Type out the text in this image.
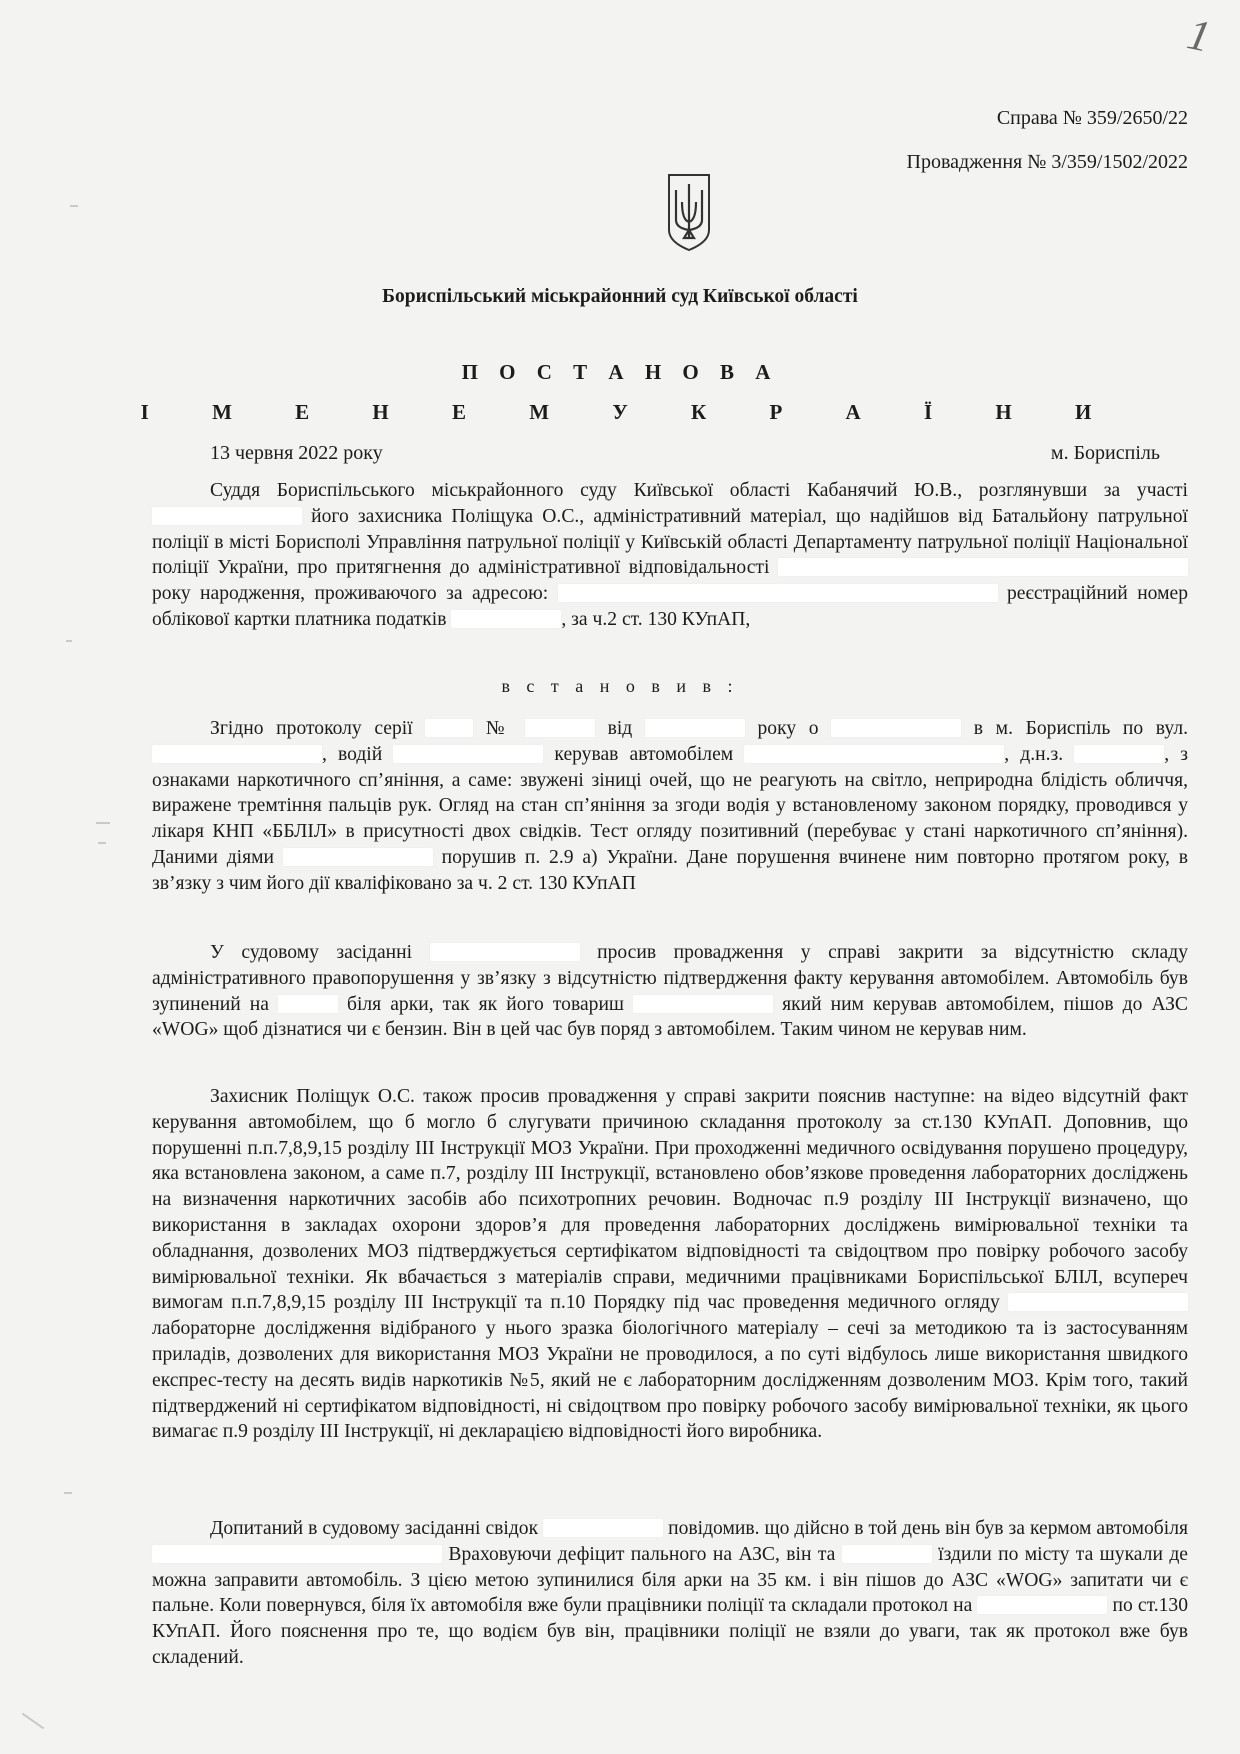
1
Справа № 359/2650/22
Провадження № 3/359/1502/2022
Бориспільський міськрайонний суд Київської області
П О С Т А Н О В А
І М Е Н Е М У К Р А Ї Н И
13 червня 2022 року	м. Бориспіль

Суддя Бориспільського міськрайонного суду Київської області Кабанячий Ю.В., розглянувши за участі  його захисника Поліщука О.С., адміністративний матеріал, що надійшов від Батальйону патрульної поліції в місті Борисполі Управління патрульної поліції у Київській області Департаменту патрульної поліції Національної поліції України, про притягнення до адміністративної відповідальності  року народження, проживаючого за адресою:	реєстраційний номер облікової картки платника податків	, за ч.2 ст. 130 КУпАП,

в с т а н о в и в :

Згідно протоколу серії  №	від	року о	в м. Бориспіль по вул. , водій	керував автомобілем	, д.н.з.	, з ознаками наркотичного сп’яніння, а саме: звужені зіниці очей, що не реагують на світло, неприродна блідість обличчя, виражене тремтіння пальців рук. Огляд на стан сп’яніння за згоди водія у встановленому законом порядку, проводився у лікаря КНП «ББЛІЛ» в присутності двох свідків. Тест огляду позитивний (перебуває у стані наркотичного сп’яніння). Даними діями	порушив п. 2.9 а) України. Дане порушення вчинене ним повторно протягом року, в зв’язку з чим його дії кваліфіковано за ч. 2 ст. 130 КУпАП

У судовому засіданні	просив провадження у справі закрити за відсутністю складу адміністративного правопорушення у зв’язку з відсутністю підтвердження факту керування автомобілем. Автомобіль був зупинений на	біля арки, так як його товариш	який ним керував автомобілем, пішов до АЗС «WOG» щоб дізнатися чи є бензин. Він в цей час був поряд з автомобілем. Таким чином не керував ним.

Захисник Поліщук О.С. також просив провадження у справі закрити пояснив наступне: на відео відсутній факт керування автомобілем, що б могло б слугувати причиною складання протоколу за ст.130 КУпАП. Доповнив, що порушенні п.п.7,8,9,15 розділу ІІІ Інструкції МОЗ України. При проходженні медичного освідування порушено процедуру, яка встановлена законом, а саме п.7, розділу ІІІ Інструкції, встановлено обов’язкове проведення лабораторних досліджень на визначення наркотичних засобів або психотропних речовин. Водночас п.9 розділу ІІІ Інструкції визначено, що використання в закладах охорони здоров’я для проведення лабораторних досліджень вимірювальної техніки та обладнання, дозволених МОЗ підтверджується сертифікатом відповідності та свідоцтвом про повірку робочого засобу вимірювальної техніки. Як вбачається з матеріалів справи, медичними працівниками Бориспільської БЛІЛ, всупереч вимогам п.п.7,8,9,15 розділу ІІІ Інструкції та п.10 Порядку під час проведення медичного огляду  лабораторне дослідження відібраного у нього зразка біологічного матеріалу – сечі за методикою та із застосуванням приладів, дозволених для використання МОЗ України не проводилося, а по суті відбулось лише використання швидкого експрес-тесту на десять видів наркотиків №5, який не є лабораторним дослідженням дозволеним МОЗ. Крім того, такий підтверджений ні сертифікатом відповідності, ні свідоцтвом про повірку робочого засобу вимірювальної техніки, як цього вимагає п.9 розділу ІІІ Інструкції, ні декларацією відповідності його виробника.

Допитаний в судовому засіданні свідок	повідомив. що дійсно в той день він був за кермом автомобіля  Враховуючи дефіцит пального на АЗС, він та	їздили по місту та шукали де можна заправити автомобіль. З цією метою зупинилися біля арки на 35 км. і він пішов до АЗС «WOG» запитати чи є пальне. Коли повернувся, біля їх автомобіля вже були працівники поліції та складали протокол на	по ст.130 КУпАП. Його пояснення про те, що водієм був він, працівники поліції не взяли до уваги, так як протокол вже був складений.
